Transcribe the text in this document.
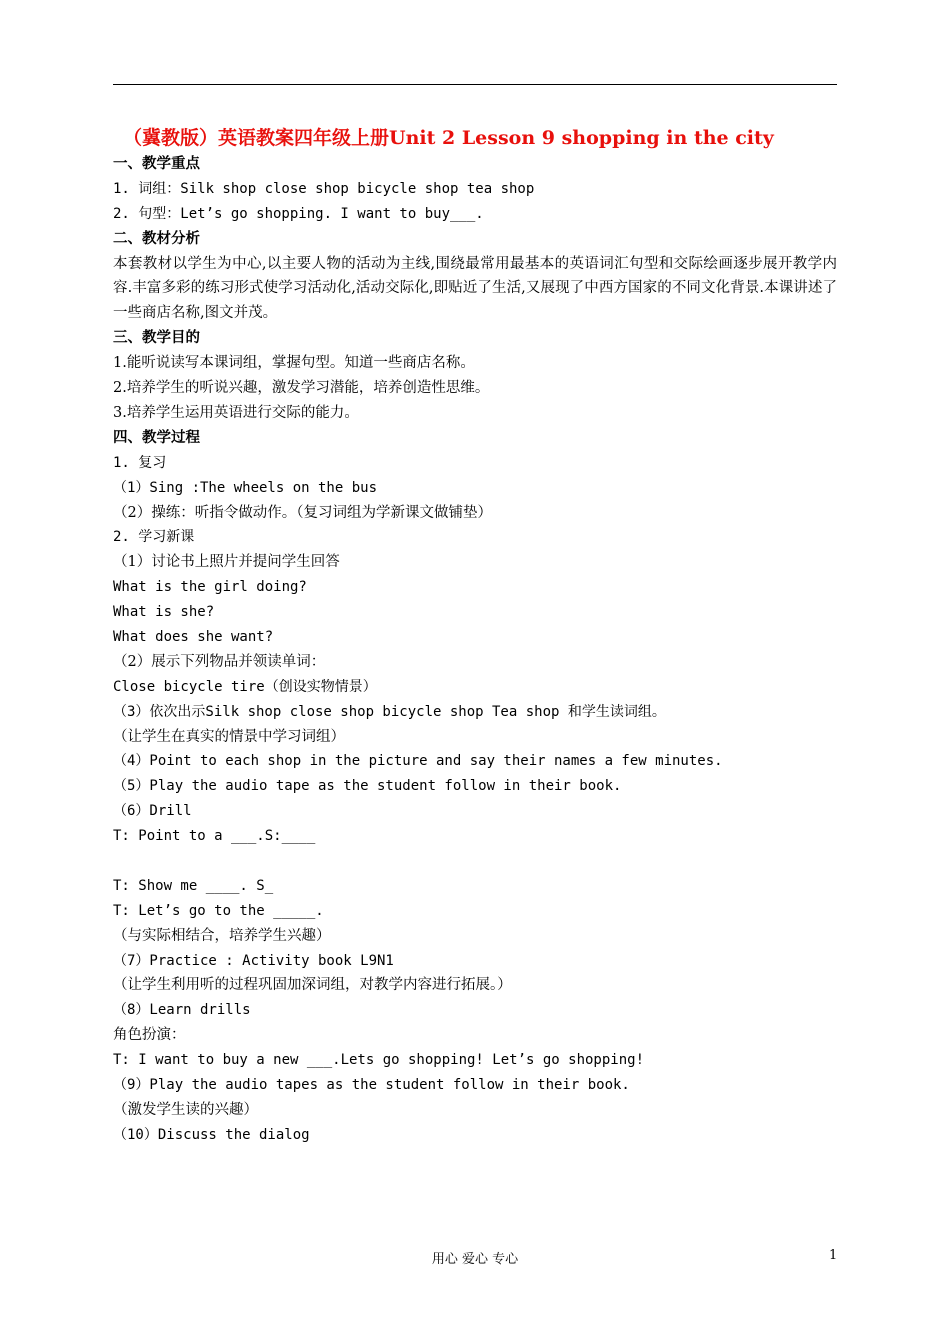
（冀教版）英语教案四年级上册Unit 2 Lesson 9 shopping in the city
一、教学重点
1. 词组：Silk shop close shop bicycle shop tea shop
2. 句型：Let’s go shopping. I want to buy___.
二、教材分析

本套教材以学生为中心,以主要人物的活动为主线,围绕最常用最基本的英语词汇句型和交际绘画逐步展开教学内容.丰富多彩的练习形式使学习活动化,活动交际化,即贴近了生活,又展现了中西方国家的不同文化背景.本课讲述了一些商店名称,图文并茂。

三、教学目的
1.能听说读写本课词组，掌握句型。知道一些商店名称。
2.培养学生的听说兴趣，激发学习潜能，培养创造性思维。
3.培养学生运用英语进行交际的能力。
四、教学过程
1. 复习
（1）Sing :The wheels on the bus
（2）操练：听指令做动作。（复习词组为学新课文做铺垫）
2. 学习新课
（1）讨论书上照片并提问学生回答
What is the girl doing?
What is she?
What does she want?
（2）展示下列物品并领读单词：
Close bicycle tire（创设实物情景）
（3）依次出示Silk shop close shop bicycle shop Tea shop 和学生读词组。
（让学生在真实的情景中学习词组）
（4）Point to each shop in the picture and say their names a few minutes.
（5）Play the audio tape as the student follow in their book.
（6）Drill
T: Point to a ___.S:____
T: Show me ____. S_
T: Let’s go to the _____.
（与实际相结合，培养学生兴趣）
（7）Practice : Activity book L9N1
（让学生利用听的过程巩固加深词组，对教学内容进行拓展。）
（8）Learn drills
角色扮演：
T: I want to buy a new ___.Lets go shopping! Let’s go shopping!
（9）Play the audio tapes as the student follow in their book.
（激发学生读的兴趣）
（10）Discuss the dialog
用心 爱心 专心	1
